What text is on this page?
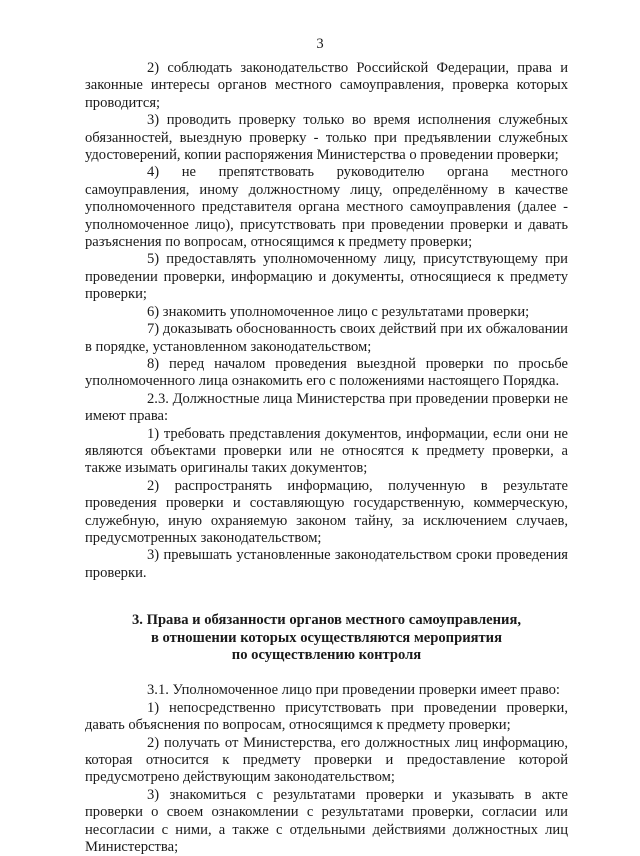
3

2) соблюдать законодательство Российской Федерации, права и законные интересы органов местного самоуправления, проверка которых проводится;

3) проводить проверку только во время исполнения служебных обязанностей, выездную проверку - только при предъявлении служебных удостоверений, копии распоряжения Министерства о проведении проверки;

4) не препятствовать руководителю органа местного самоуправления, иному должностному лицу, определённому в качестве уполномоченного представителя органа местного самоуправления (далее - уполномоченное лицо), присутствовать при проведении проверки и давать разъяснения по вопросам, относящимся к предмету проверки;

5) предоставлять уполномоченному лицу, присутствующему при проведении проверки, информацию и документы, относящиеся к предмету проверки;

6) знакомить уполномоченное лицо с результатами проверки;

7) доказывать обоснованность своих действий при их обжаловании в порядке, установленном законодательством;

8) перед началом проведения выездной проверки по просьбе уполномоченного лица ознакомить его с положениями настоящего Порядка.

2.3. Должностные лица Министерства при проведении проверки не имеют права:

1) требовать представления документов, информации, если они не являются объектами проверки или не относятся к предмету проверки, а также изымать оригиналы таких документов;

2) распространять информацию, полученную в результате проведения проверки и составляющую государственную, коммерческую, служебную, иную охраняемую законом тайну, за исключением случаев, предусмотренных законодательством;

3) превышать установленные законодательством сроки проведения проверки.

3. Права и обязанности органов местного самоуправления,
в отношении которых осуществляются мероприятия
по осуществлению контроля

3.1. Уполномоченное лицо при проведении проверки имеет право:

1) непосредственно присутствовать при проведении проверки, давать объяснения по вопросам, относящимся к предмету проверки;

2) получать от Министерства, его должностных лиц информацию, которая относится к предмету проверки и предоставление которой предусмотрено действующим законодательством;

3) знакомиться с результатами проверки и указывать в акте проверки о своем ознакомлении с результатами проверки, согласии или несогласии с ними, а также с отдельными действиями должностных лиц Министерства;
